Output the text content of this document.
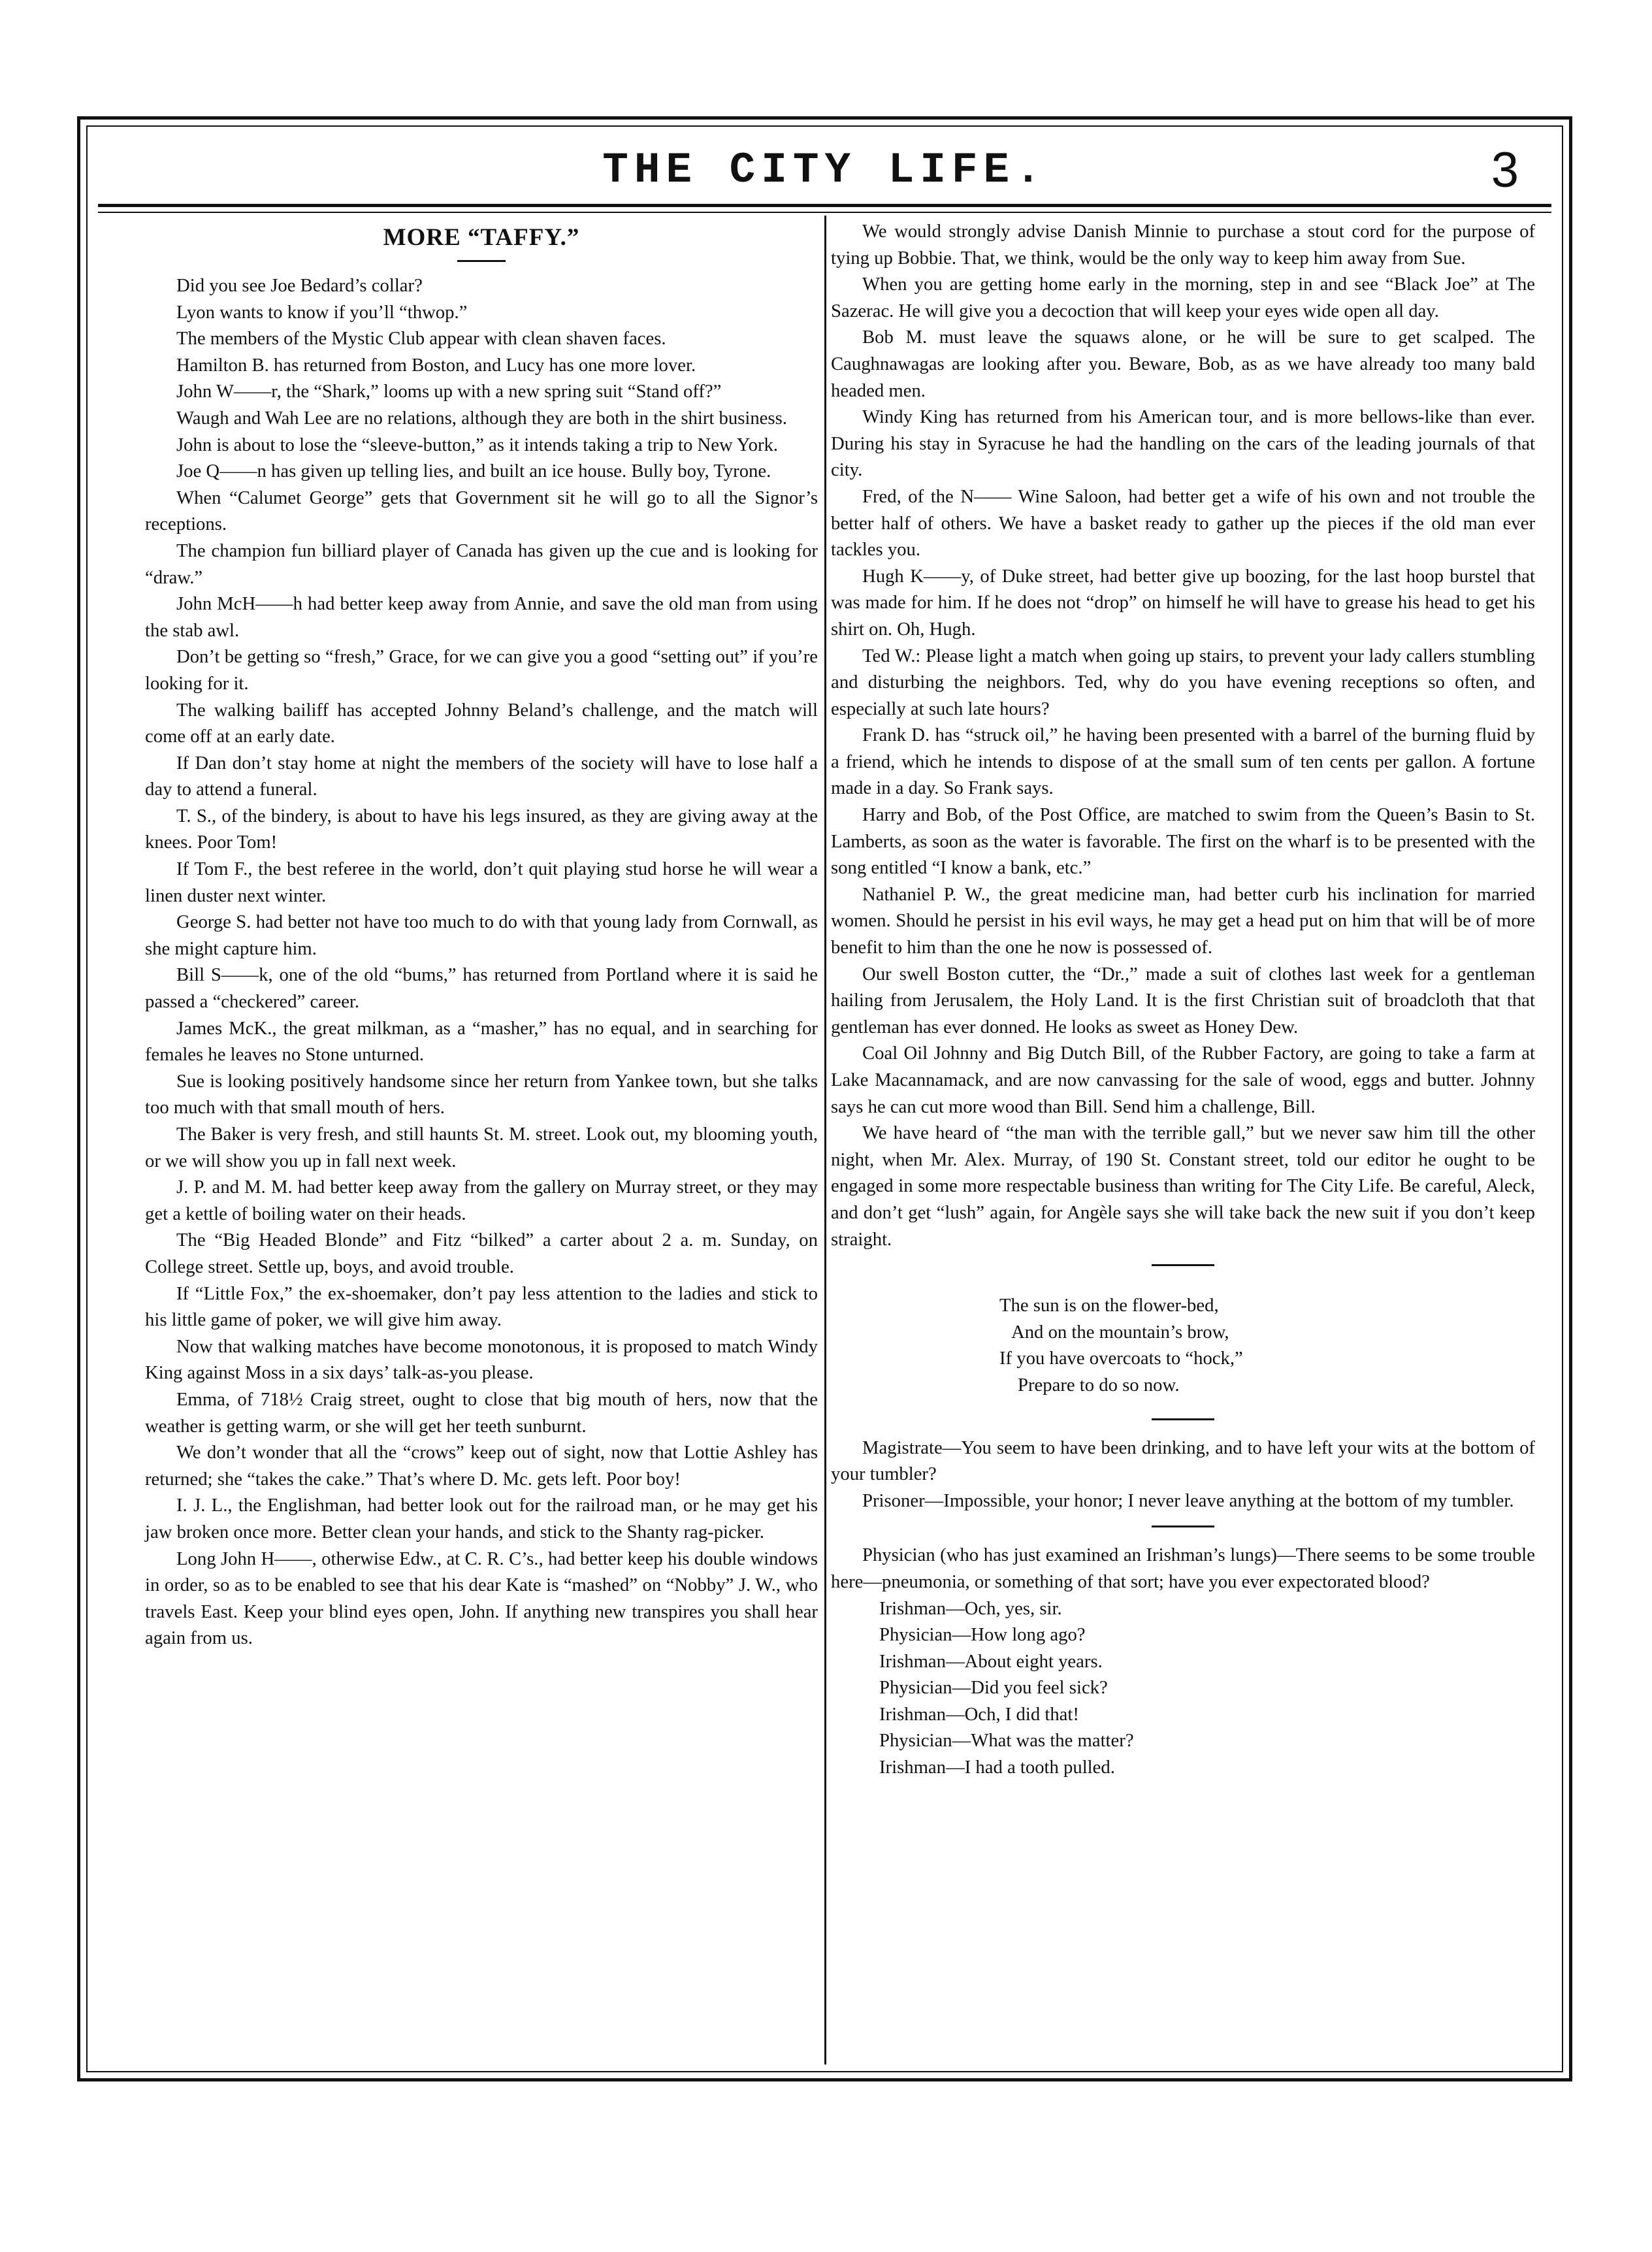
THE CITY LIFE.	3
MORE “TAFFY.”

Did you see Joe Bedard’s collar?

Lyon wants to know if you’ll “thwop.”

The members of the Mystic Club appear with clean shaven faces.

Hamilton B. has returned from Boston, and Lucy has one more lover.

John W——r, the “Shark,” looms up with a new spring suit “Stand off?”

Waugh and Wah Lee are no relations, although they are both in the shirt business.

John is about to lose the “sleeve-button,” as it intends taking a trip to New York.

Joe Q——n has given up telling lies, and built an ice house. Bully boy, Tyrone.

When “Calumet George” gets that Government sit he will go to all the Signor’s receptions.

The champion fun billiard player of Canada has given up the cue and is looking for “draw.”

John McH——h had better keep away from Annie, and save the old man from using the stab awl.

Don’t be getting so “fresh,” Grace, for we can give you a good “setting out” if you’re looking for it.

The walking bailiff has accepted Johnny Beland’s challenge, and the match will come off at an early date.

If Dan don’t stay home at night the members of the society will have to lose half a day to attend a funeral.

T. S., of the bindery, is about to have his legs insured, as they are giving away at the knees. Poor Tom!

If Tom F., the best referee in the world, don’t quit playing stud horse he will wear a linen duster next winter.

George S. had better not have too much to do with that young lady from Cornwall, as she might capture him.

Bill S——k, one of the old “bums,” has returned from Portland where it is said he passed a “checkered” career.

James McK., the great milkman, as a “masher,” has no equal, and in searching for females he leaves no Stone unturned.

Sue is looking positively handsome since her return from Yankee town, but she talks too much with that small mouth of hers.

The Baker is very fresh, and still haunts St. M. street. Look out, my blooming youth, or we will show you up in fall next week.

J. P. and M. M. had better keep away from the gallery on Murray street, or they may get a kettle of boiling water on their heads.

The “Big Headed Blonde” and Fitz “bilked” a carter about 2 a. m. Sunday, on College street. Settle up, boys, and avoid trouble.

If “Little Fox,” the ex-shoemaker, don’t pay less attention to the ladies and stick to his little game of poker, we will give him away.

Now that walking matches have become monotonous, it is proposed to match Windy King against Moss in a six days’ talk-as-you please.

Emma, of 718½ Craig street, ought to close that big mouth of hers, now that the weather is getting warm, or she will get her teeth sunburnt.

We don’t wonder that all the “crows” keep out of sight, now that Lottie Ashley has returned; she “takes the cake.” That’s where D. Mc. gets left. Poor boy!

I. J. L., the Englishman, had better look out for the railroad man, or he may get his jaw broken once more. Better clean your hands, and stick to the Shanty rag-picker.

Long John H——, otherwise Edw., at C. R. C’s., had better keep his double windows in order, so as to be enabled to see that his dear Kate is “mashed” on “Nobby” J. W., who travels East. Keep your blind eyes open, John. If anything new transpires you shall hear again from us.

We would strongly advise Danish Minnie to purchase a stout cord for the purpose of tying up Bobbie. That, we think, would be the only way to keep him away from Sue.

When you are getting home early in the morning, step in and see “Black Joe” at The Sazerac. He will give you a decoction that will keep your eyes wide open all day.

Bob M. must leave the squaws alone, or he will be sure to get scalped. The Caughnawagas are looking after you. Beware, Bob, as as we have already too many bald headed men.

Windy King has returned from his American tour, and is more bellows-like than ever. During his stay in Syracuse he had the handling on the cars of the leading journals of that city.

Fred, of the N—— Wine Saloon, had better get a wife of his own and not trouble the better half of others. We have a basket ready to gather up the pieces if the old man ever tackles you.

Hugh K——y, of Duke street, had better give up boozing, for the last hoop burstel that was made for him. If he does not “drop” on himself he will have to grease his head to get his shirt on. Oh, Hugh.

Ted W.: Please light a match when going up stairs, to prevent your lady callers stumbling and disturbing the neighbors. Ted, why do you have evening receptions so often, and especially at such late hours?

Frank D. has “struck oil,” he having been presented with a barrel of the burning fluid by a friend, which he intends to dispose of at the small sum of ten cents per gallon. A fortune made in a day. So Frank says.

Harry and Bob, of the Post Office, are matched to swim from the Queen’s Basin to St. Lamberts, as soon as the water is favorable. The first on the wharf is to be presented with the song entitled “I know a bank, etc.”

Nathaniel P. W., the great medicine man, had better curb his inclination for married women. Should he persist in his evil ways, he may get a head put on him that will be of more benefit to him than the one he now is possessed of.

Our swell Boston cutter, the “Dr.,” made a suit of clothes last week for a gentleman hailing from Jerusalem, the Holy Land. It is the first Christian suit of broadcloth that that gentleman has ever donned. He looks as sweet as Honey Dew.

Coal Oil Johnny and Big Dutch Bill, of the Rubber Factory, are going to take a farm at Lake Macannamack, and are now canvassing for the sale of wood, eggs and butter. Johnny says he can cut more wood than Bill. Send him a challenge, Bill.

We have heard of “the man with the terrible gall,” but we never saw him till the other night, when Mr. Alex. Murray, of 190 St. Constant street, told our editor he ought to be engaged in some more respectable business than writing for The City Life. Be careful, Aleck, and don’t get “lush” again, for Angèle says she will take back the new suit if you don’t keep straight.

The sun is on the flower-bed,
And on the mountain’s brow,
If you have overcoats to “hock,”
Prepare to do so now.

Magistrate—You seem to have been drinking, and to have left your wits at the bottom of your tumbler?

Prisoner—Impossible, your honor; I never leave anything at the bottom of my tumbler.

Physician (who has just examined an Irishman’s lungs)—There seems to be some trouble here—pneumonia, or something of that sort; have you ever expectorated blood?

Irishman—Och, yes, sir.

Physician—How long ago?

Irishman—About eight years.

Physician—Did you feel sick?

Irishman—Och, I did that!

Physician—What was the matter?

Irishman—I had a tooth pulled.
